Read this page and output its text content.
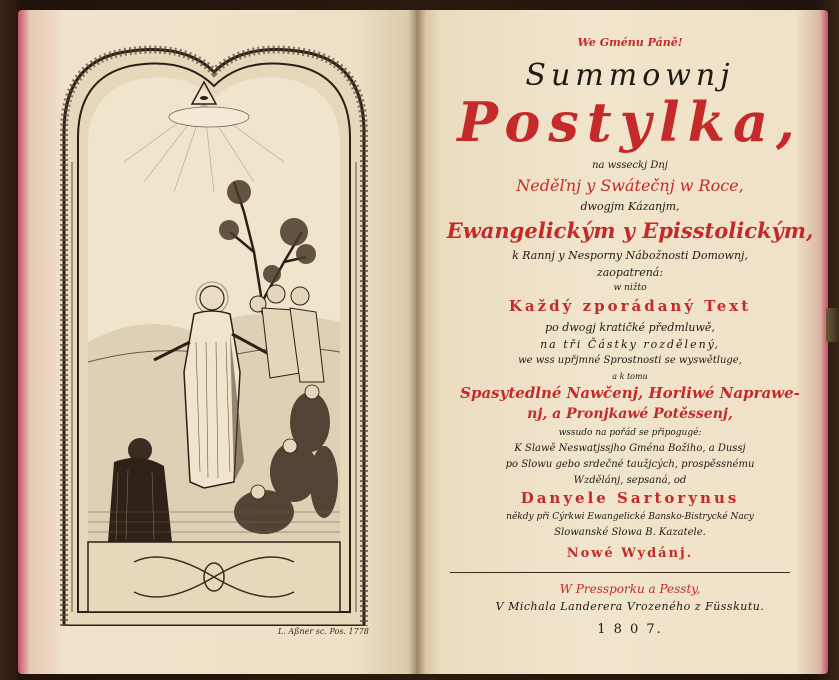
L. Aßner sc. Pos. 1778
We Gménu Páně!
Summownj
Postylka,
na wsseckj Dnj
Neděľnj y Swátečnj w Roce,
dwogjm Kázanjm,
Ewangelickým y Episstolickým,
k Rannj y Nesporny Nábožnosti Domownj,
zaopatrená:
w nižto
Každý zporádaný Text
po dwogj kratičké předmluwě,
na tři Částky rozdělený,
we wss upřjmné Sprostnosti se wyswětluge,
a k tomu
Spasytedlné Nawčenj, Horliwé Naprawe-
nj, a Pronjkawé Potěssenj,
wssudo na pořád se připogugé:
K Slawě Neswatjssjho Gména Božiho, a Dussj
po Slowu gebo srdečné taužjcých, prospěssnému
Wzdělánj, sepsaná, od
Danyele Sartorynus
někdy při Cýrkwi Ewangelické Bansko-Bistrycké Nacy
Slowanské Slowa B. Kazatele.
Nowé Wydánj.
W Pressporku a Pessty,
V Michala Landerera Vrozeného z Füsskutu.
1 8 0 7.
